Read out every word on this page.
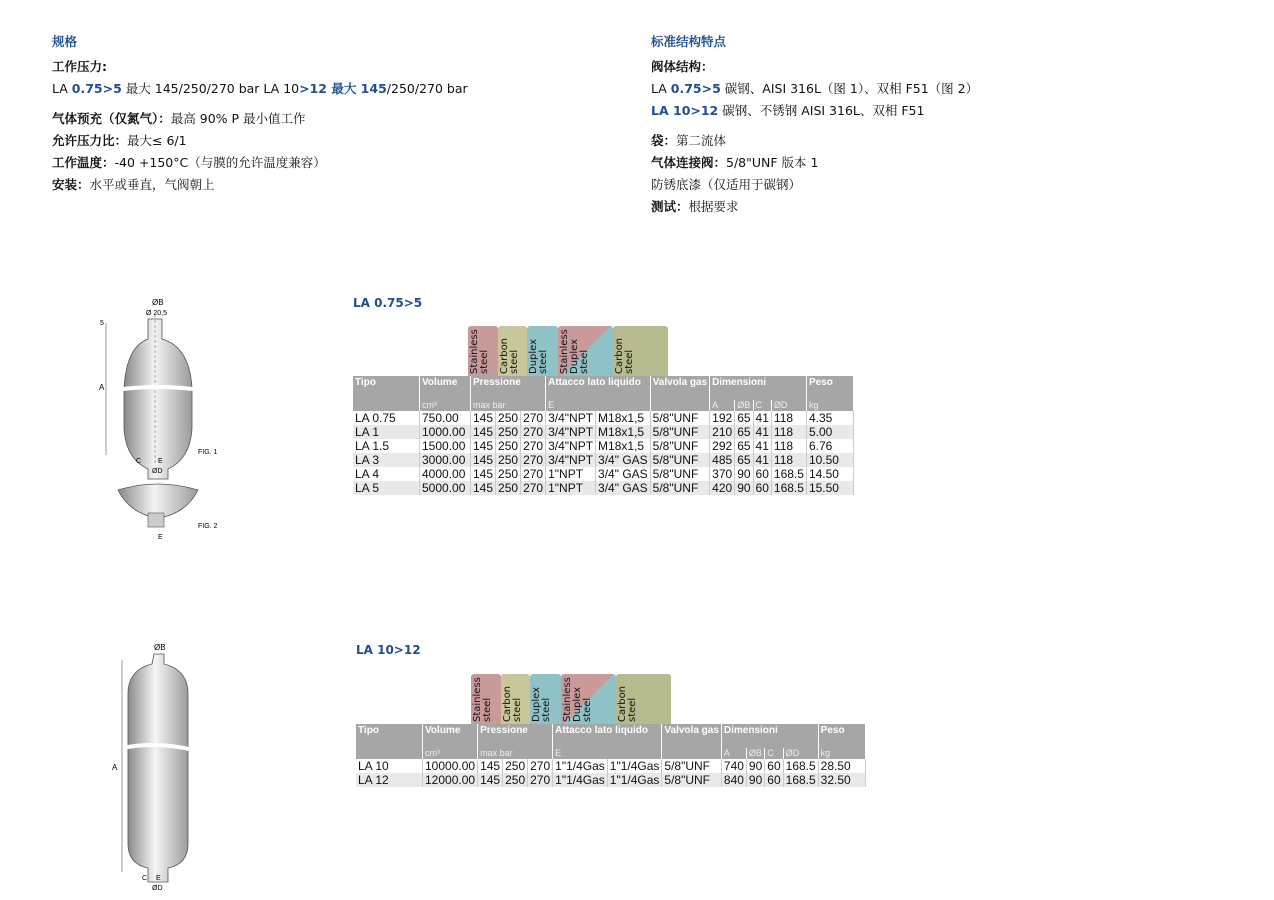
规格
工作压力:
LA 0.75>5 最大 145/250/270 bar LA 10>12 最大 145/250/270 bar
气体预充（仅氮气）：最高 90% P 最小值工作
允许压力比：最大≤ 6/1
工作温度：-40 +150°C（与膜的允许温度兼容）
安装：水平或垂直，气阀朝上
标准结构特点
阀体结构：
LA 0.75>5 碳钢、AISI 316L（图 1）、双相 F51（图 2）
LA 10>12 碳钢、不锈钢 AISI 316L、双相 F51
袋：第二流体
气体连接阀：5/8"UNF 版本 1
防锈底漆（仅适用于碳钢）
测试：根据要求
ØB
Ø 20,5
5
A
C E
ØD
FIG. 1
E
FIG. 2
ØB
A
C E
ØD
LA 0.75>5
Stainless steel Carbon steel Duplex steel Stainless Duplex steel Carbon steel
Tipo	Volume	Pressione			Attacco lato liquido		Valvola gas	Dimensioni				Peso
	cm³	max bar			E			A	ØB	C	ØD	kg
LA 0.75	750.00	145	250	270	3/4"NPT	M18x1,5	5/8"UNF	192	65	41	118	4.35
LA 1	1000.00	145	250	270	3/4"NPT	M18x1,5	5/8"UNF	210	65	41	118	5.00
LA 1.5	1500.00	145	250	270	3/4"NPT	M18x1,5	5/8"UNF	292	65	41	118	6.76
LA 3	3000.00	145	250	270	3/4"NPT	3/4" GAS	5/8"UNF	485	65	41	118	10.50
LA 4	4000.00	145	250	270	1"NPT	3/4" GAS	5/8"UNF	370	90	60	168.5	14.50
LA 5	5000.00	145	250	270	1"NPT	3/4" GAS	5/8"UNF	420	90	60	168.5	15.50
LA 10>12
Stainless steel Carbon steel Duplex steel Stainless Duplex steel Carbon steel
Tipo	Volume	Pressione			Attacco lato liquido		Valvola gas	Dimensioni				Peso
	cm³	max bar			E			A	ØB	C	ØD	kg
LA 10	10000.00	145	250	270	1"1/4Gas	1"1/4Gas	5/8"UNF	740	90	60	168.5	28.50
LA 12	12000.00	145	250	270	1"1/4Gas	1"1/4Gas	5/8"UNF	840	90	60	168.5	32.50
